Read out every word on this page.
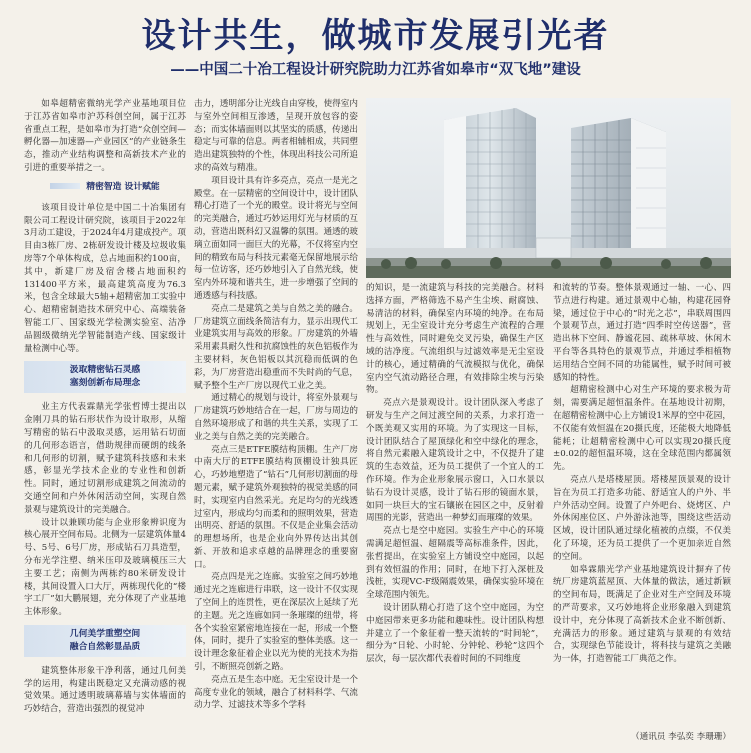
设计共生，做城市发展引光者
——中国二十冶工程设计研究院助力江苏省如皋市“双飞地”建设

如皋超精密微纳光学产业基地项目位于江苏省如皋市沪苏科创空间，属于江苏省重点工程，是如皋市为打造“众创空间—孵化器—加速器—产业园区”的产业链条生态，推动产业结构调整和高新技术产业的引进的重要举措之一。

精密智造 设计赋能

该项目设计单位是中国二十冶集团有限公司工程设计研究院，该项目于2022年3月动工建设，于2024年4月建成投产。项目由3栋厂房、2栋研发设计楼及垃圾收集房等7个单体构成，总占地面积约100亩，其中，新建厂房及宿舍楼占地面积约131400平方米，最高建筑高度为76.3米，包含全球最大5轴+超精密加工实验中心、超精密制造技术研究中心、高端装备智能工厂、国家级光学检测实验室、洁净品圆级微纳光学智能制造产线、国家级计量检测中心等。

汲取精密钻石灵感
塞刻创新布局理念

业主方代表霖鼎光学张哲博士提出以金刚刀具的钻石形状作为设计取形，从缩写精密的钻石中汲取灵感，运用钻石切面的几何形态语言，借助规律而硬朗的线条和几何形的切割，赋予建筑科技感和未来感，彰显光学技术企业的专业性和创新性。同时，通过切割形成建筑之间流动的交通空间和户外休闲活动空间，实现自然景观与建筑设计的完美融合。

设计以兼顾功能与企业形象辨识度为核心展开空间布局。北侧为一层建筑体量4号、5号、6号厂房，形成钻石刀具造型，分布光学注塑、纳米压印及玻璃模压三大主要工艺；南侧为两栋约80米研发设计楼，其间设置入口大厅，两栋现代化的“楼宇工厂”如大鹏展翅，充分体现了产业基地主体形象。

几何美学重塑空间
融合自然彰显品质

建筑整体形象干净利落，通过几何美学的运用，构建出既稳定又充满动感的视觉效果。通过透明玻璃幕墙与实体墙面的巧妙结合，营造出强烈的视觉冲

击力，透明部分让光线自由穿梭，使得室内与室外空间相互渗透，呈现开放包容的姿态；而实体墙面则以其坚实的质感，传递出稳定与可靠的信息。两者相辅相成，共同塑造出建筑独特的个性，体现出科技公司所追求的高效与精准。

项目设计具有许多亮点，亮点一是光之殿堂。在一层精密的空间设计中，设计团队精心打造了一个光的殿堂。设计将光与空间的完美融合，通过巧妙运用灯光与材质的互动，营造出既科幻又温馨的氛围。通透的玻璃立面如同一面巨大的光幕，不仅将室内空间的精致布局与科技元素毫无保留地展示给每一位访客，还巧妙地引入了自然光线，使室内外环境和谐共生，进一步增强了空间的通透感与科技感。

亮点二是建筑之美与自然之美的融合。厂房建筑立面线条简洁有力，显示出现代工业建筑实用与高效的形象。厂房建筑的外墙采用素具耐久性和抗腐蚀性的灰色铝板作为主要材料，灰色铝板以其沉稳而低调的色彩，为厂房营造出稳重而不失时尚的气息，赋予整个生产厂房以现代工业之美。

通过精心的规划与设计，将室外景观与厂房建筑巧妙地结合在一起，厂房与周边的自然环境形成了和谐的共生关系，实现了工业之美与自然之美的完美融合。

亮点三是ETFE膜结构顶棚。生产厂房中南大厅的ETFE膜结构顶棚设计独具匠心，巧妙地塑造了“钻石”几何形切割面的母题元素，赋予建筑外观独特的视觉美感的同时，实现室内自然采光。充足均匀的光线透过室内，形成均匀而柔和的照明效果，营造出明亮、舒适的氛围。不仅是企业集会活动的理想场所，也是企业向外界传达出其创新、开放和追求卓越的品牌理念的重要窗口。

亮点四是光之连廊。实验室之间巧妙地通过光之连廊进行串联，这一设计不仅实现了空间上的连贯性，更在深层次上延续了光的主题。光之连廊如同一条璀璨的纽带，将各个实验室紧密地连接在一起，形成一个整体，同时，提升了实验室的整体美感。这一设计理念象征着企业以光为使的光技术为指引，不断照亮创新之路。

亮点五是生态中庭。无尘室设计是一个高度专业化的领域，融合了材料科学、气流动力学、过滤技术等多个学科

的知识，是一流建筑与科技的完美融合。材料选择方面，严格筛选不易产生尘埃、耐腐蚀、易清洁的材料，确保室内环境的纯净。在布局规划上，无尘室设计充分考虑生产流程的合理性与高效性，同时避免交叉污染，确保生产区域的洁净度。气流组织与过滤效率是无尘室设计的核心，通过精确的气流模拟与优化，确保室内空气流动路径合理，有效排除尘埃与污染物。

亮点六是景观设计。设计团队深入考虑了研发与生产之间过渡空间的关系，力求打造一个既美观又实用的环境。为了实现这一目标，设计团队结合了屋顶绿化和空中绿化的理念，将自然元素融入建筑设计之中，不仅提升了建筑的生态效益，还为员工提供了一个宜人的工作环境。作为企业形象展示窗口，入口水景以钻石为设计灵感，设计了钻石形的镜面水景，如同一块巨大的宝石镶嵌在园区之中，反射着周围的光影，营造出一种梦幻而璀璨的效果。

亮点七是空中庭园。实验生产中心的环境需满足超恒温、超隔震等高标准条件，因此，张哲提出，在实验室上方铺设空中庭园，以起到有效恒温的作用；同时，在地下打入深桩及浅桩，实现VC-F级隔震效果，确保实验环境在全球范围内领先。

设计团队精心打造了这个空中庭园，为空中庭园带来更多功能和趣味性。设计团队构想并建立了一个象征着一整天流转的“时间轮”，细分为“日轮、小时轮、分钟轮、秒轮”这四个层次，每一层次都代表着时间的不同维度

和流转的节奏。整体景观通过一轴、一心、四节点进行构建。通过景观中心轴，构建花园脊梁，通过位于中心的“时光之芯”，串联周围四个景观节点，通过打造“四季时空传送器”，营造出林下空间、静谧花园、疏林草坡、休闲木平台等各具特色的景观节点，并通过季相植物运用结合空间不同的功能属性，赋予时间可被感知的特性。

超精密检测中心对生产环境的要求极为苛刻，需要满足超恒温条件。在基地设计初期，在超精密检测中心上方铺设1米厚的空中花园，不仅能有效恒温在20摄氏度，还能极大地降低能耗；让超精密检测中心可以实现20摄氏度±0.02的超恒温环境，这在全球范围内都属领先。

亮点八是塔楼屋顶。塔楼屋顶景观的设计旨在为员工打造多功能、舒适宜人的户外、半户外活动空间。设置了户外吧台、烧烤区、户外休闲座位区、户外游泳池等，围绕这些活动区域，设计团队通过绿化植被的点缀，不仅美化了环境，还为员工提供了一个更加亲近自然的空间。

如皋霖鼎光学产业基地建筑设计摒弃了传统厂房建筑蓝屋顶、大体量的做法，通过新颖的空间布局，既满足了企业对生产空间及环境的严苛要求，又巧妙地将企业形象融入到建筑设计中，充分体现了高新技术企业不断创新、充满活力的形象。通过建筑与景观的有效结合，实现绿色节能设计，将科技与建筑之美融为一体，打造智能工厂典范之作。

（通讯员 李弘奕 李珊珊）
